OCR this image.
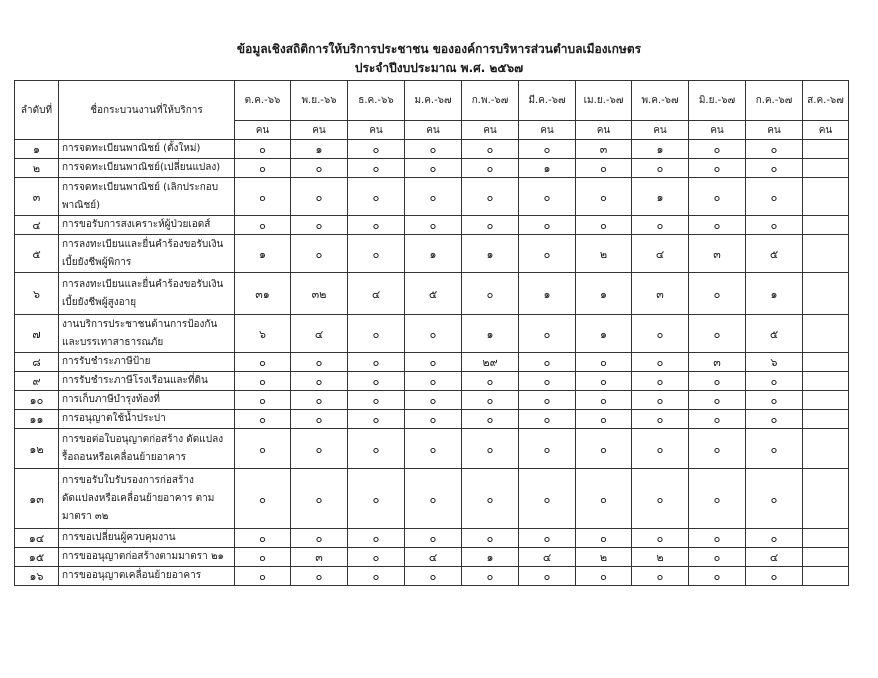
ข้อมูลเชิงสถิติการให้บริการประชาชน ขององค์การบริหารส่วนตำบลเมืองเกษตร
ประจำปีงบประมาณ พ.ศ. ๒๕๖๗
ลำดับที่	ชื่อกระบวนงานที่ให้บริการ	ต.ค.-๖๖	พ.ย.-๖๖	ธ.ค.-๖๖	ม.ค.-๖๗	ก.พ.-๖๗	มี.ค.-๖๗	เม.ย.-๖๗	พ.ค.-๖๗	มิ.ย.-๖๗	ก.ค.-๖๗	ส.ค.-๖๗
		คน	คน	คน	คน	คน	คน	คน	คน	คน	คน	คน
๑	การจดทะเบียนพาณิชย์ (ตั้งใหม่)	๐	๑	๐	๐	๐	๐	๓	๑	๐	๐	
๒	การจดทะเบียนพาณิชย์(เปลี่ยนแปลง)	๐	๐	๐	๐	๐	๑	๐	๐	๐	๐	
๓	การจดทะเบียนพาณิชย์ (เลิกประกอบพาณิชย์)	๐	๐	๐	๐	๐	๐	๐	๑	๐	๐	
๔	การขอรับการสงเคราะห์ผู้ป่วยเอดส์	๐	๐	๐	๐	๐	๐	๐	๐	๐	๐	
๕	การลงทะเบียนและยื่นคำร้องขอรับเงินเบี้ยยังชีพผู้พิการ	๑	๐	๐	๑	๑	๐	๒	๔	๓	๕	
๖	การลงทะเบียนและยื่นคำร้องขอรับเงินเบี้ยยังชีพผู้สูงอายุ	๓๑	๓๒	๔	๕	๐	๑	๑	๓	๐	๑	
๗	งานบริการประชาชนด้านการป้องกันและบรรเทาสาธารณภัย	๖	๔	๐	๐	๑	๐	๑	๐	๐	๕	
๘	การรับชำระภาษีป้าย	๐	๐	๐	๐	๒๙	๐	๐	๐	๓	๖	
๙	การรับชำระภาษีโรงเรือนและที่ดิน	๐	๐	๐	๐	๐	๐	๐	๐	๐	๐	
๑๐	การเก็บภาษีบำรุงท้องที่	๐	๐	๐	๐	๐	๐	๐	๐	๐	๐	
๑๑	การอนุญาตใช้น้ำประปา	๐	๐	๐	๐	๐	๐	๐	๐	๐	๐	
๑๒	การขอต่อใบอนุญาตก่อสร้าง ดัดแปลง รื้อถอนหรือเคลื่อนย้ายอาคาร	๐	๐	๐	๐	๐	๐	๐	๐	๐	๐	
๑๓	การขอรับใบรับรองการก่อสร้าง ดัดแปลงหรือเคลื่อนย้ายอาคาร ตามมาตรา ๓๒	๐	๐	๐	๐	๐	๐	๐	๐	๐	๐	
๑๔	การขอเปลี่ยนผู้ควบคุมงาน	๐	๐	๐	๐	๐	๐	๐	๐	๐	๐	
๑๕	การขออนุญาตก่อสร้างตามมาตรา ๒๑	๐	๓	๐	๔	๑	๔	๒	๒	๐	๔	
๑๖	การขออนุญาตเคลื่อนย้ายอาคาร	๐	๐	๐	๐	๐	๐	๐	๐	๐	๐	
